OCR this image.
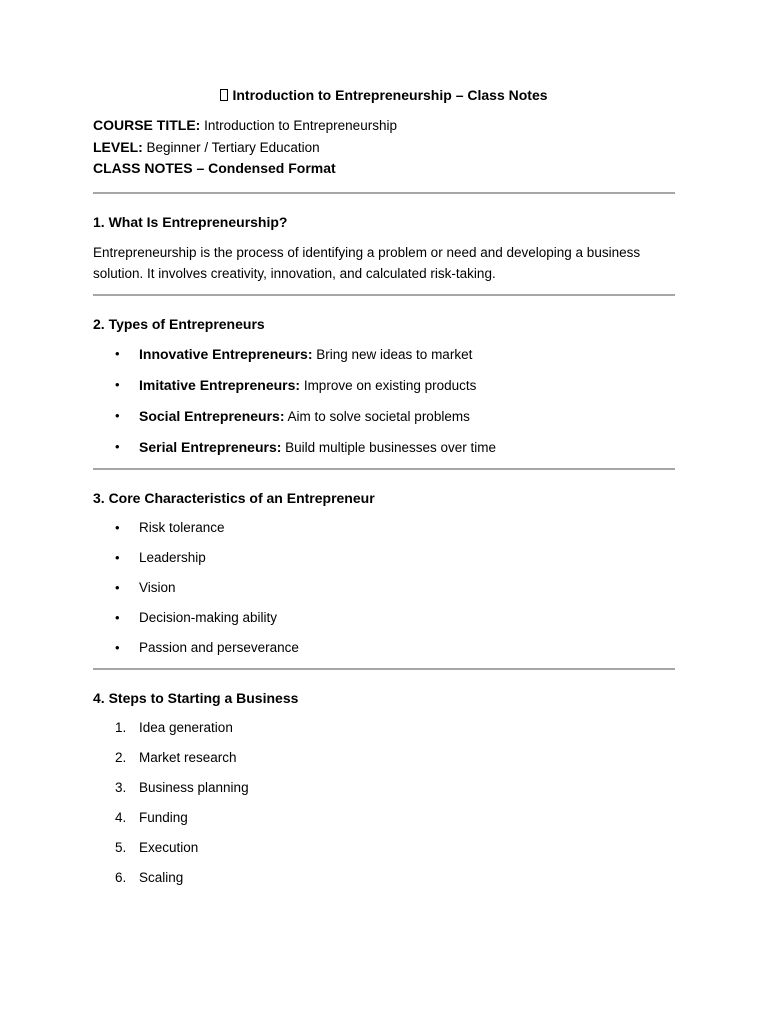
Introduction to Entrepreneurship – Class Notes
COURSE TITLE: Introduction to Entrepreneurship
LEVEL: Beginner / Tertiary Education
CLASS NOTES – Condensed Format
1. What Is Entrepreneurship?

Entrepreneurship is the process of identifying a problem or need and developing a business solution. It involves creativity, innovation, and calculated risk-taking.

2. Types of Entrepreneurs
• Innovative Entrepreneurs: Bring new ideas to market
• Imitative Entrepreneurs: Improve on existing products
• Social Entrepreneurs: Aim to solve societal problems
• Serial Entrepreneurs: Build multiple businesses over time
3. Core Characteristics of an Entrepreneur
• Risk tolerance
• Leadership
• Vision
• Decision-making ability
• Passion and perseverance
4. Steps to Starting a Business
1. Idea generation
2. Market research
3. Business planning
4. Funding
5. Execution
6. Scaling
